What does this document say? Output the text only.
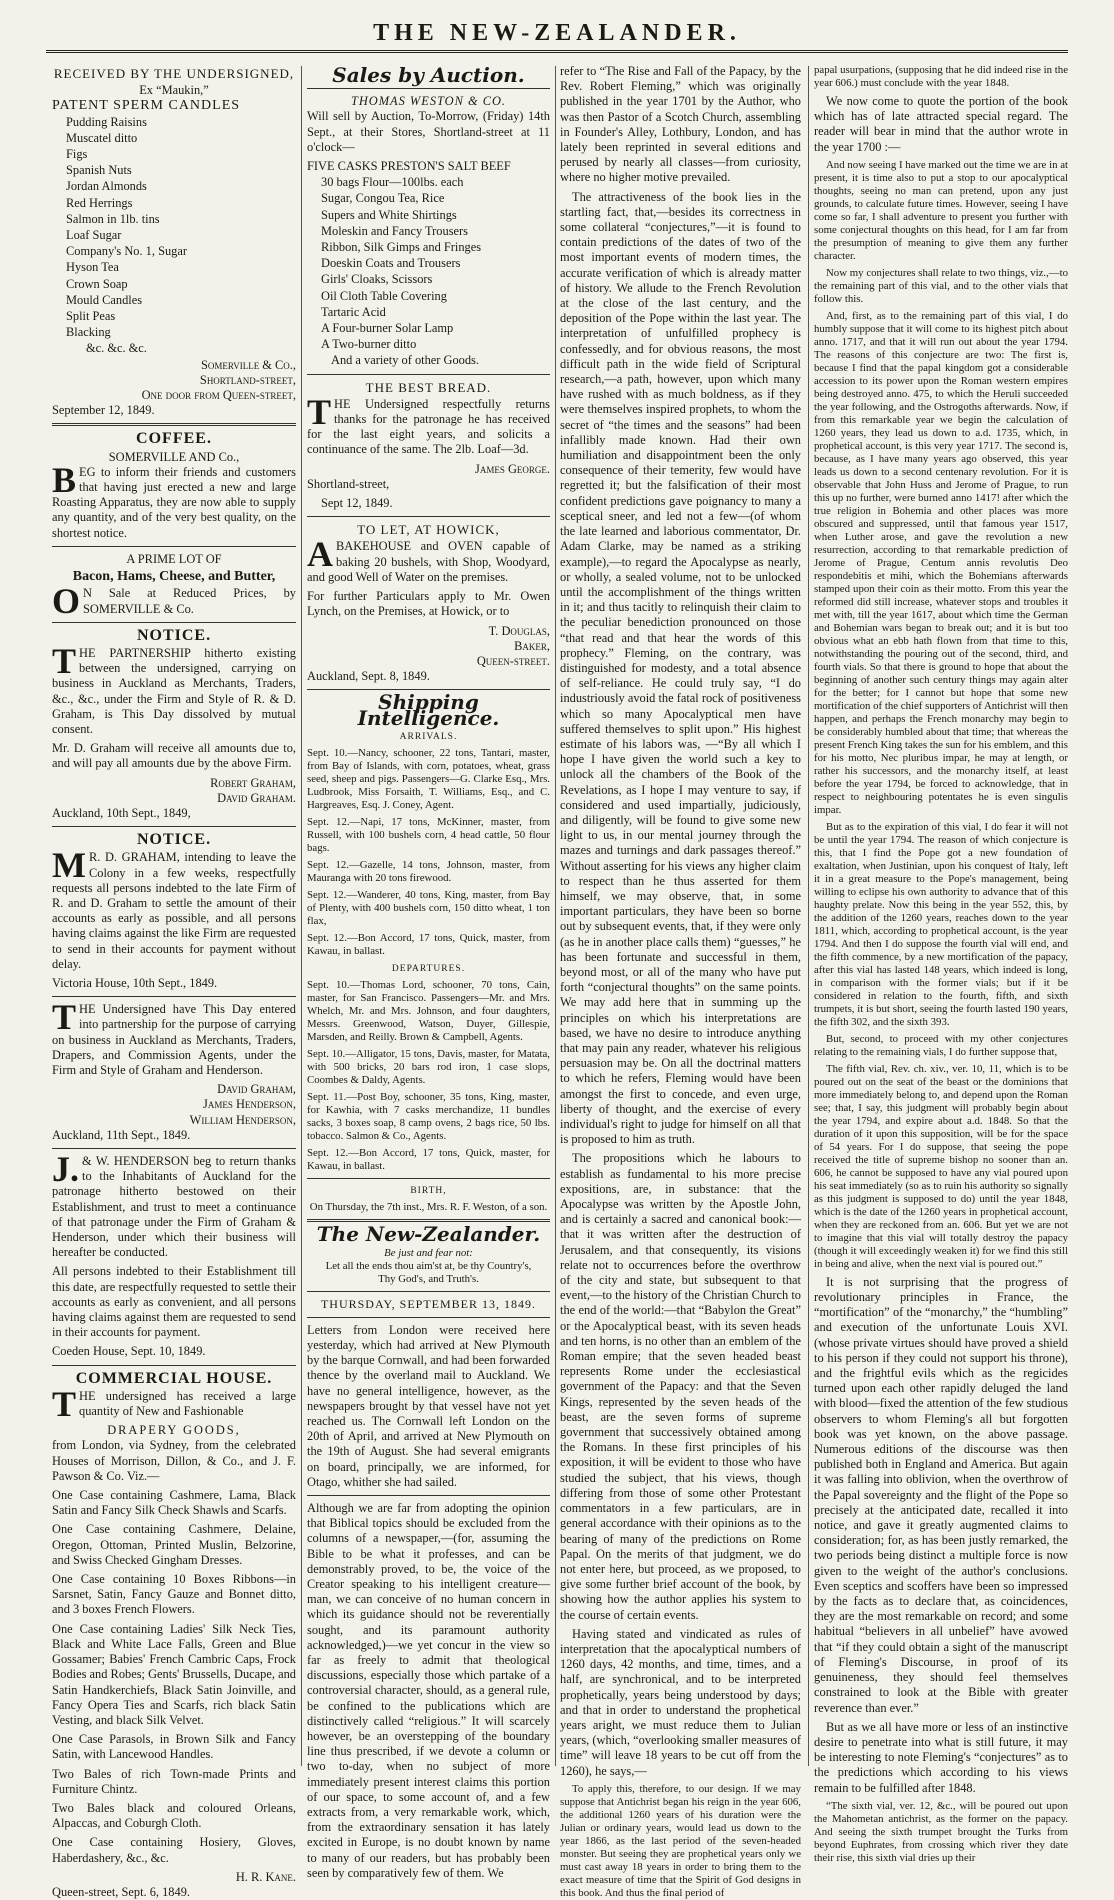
THE NEW-ZEALANDER.
RECEIVED BY THE UNDERSIGNED,
Ex “Maukin,”

PATENT SPERM CANDLES

Pudding Raisins

Muscatel ditto

Figs

Spanish Nuts

Jordan Almonds

Red Herrings

Salmon in 1lb. tins

Loaf Sugar

Company's No. 1, Sugar

Hyson Tea

Crown Soap

Mould Candles

Split Peas

Blacking

&c. &c. &c.

Somerville & Co.,

Shortland-street,

One door from Queen-street,

September 12, 1849.

COFFEE.
SOMERVILLE AND Co.,

BEG to inform their friends and customers that having just erected a new and large Roasting Apparatus, they are now able to supply any quantity, and of the very best quality, on the shortest notice.

A PRIME LOT OF
Bacon, Hams, Cheese, and Butter,

ON Sale at Reduced Prices, by SOMERVILLE & Co.

NOTICE.

THE PARTNERSHIP hitherto existing between the undersigned, carrying on business in Auckland as Merchants, Traders, &c., &c., under the Firm and Style of R. & D. Graham, is This Day dissolved by mutual consent.

Mr. D. Graham will receive all amounts due to, and will pay all amounts due by the above Firm.

Robert Graham,

David Graham.

Auckland, 10th Sept., 1849,

NOTICE.

MR. D. GRAHAM, intending to leave the Colony in a few weeks, respectfully requests all persons indebted to the late Firm of R. and D. Graham to settle the amount of their accounts as early as possible, and all persons having claims against the like Firm are requested to send in their accounts for payment without delay.

Victoria House, 10th Sept., 1849.

THE Undersigned have This Day entered into partnership for the purpose of carrying on business in Auckland as Merchants, Traders, Drapers, and Commission Agents, under the Firm and Style of Graham and Henderson.

David Graham,

James Henderson,

William Henderson,

Auckland, 11th Sept., 1849.

J.& W. HENDERSON beg to return thanks to the Inhabitants of Auckland for the patronage hitherto bestowed on their Establishment, and trust to meet a continuance of that patronage under the Firm of Graham & Henderson, under which their business will hereafter be conducted.

All persons indebted to their Establishment till this date, are respectfully requested to settle their accounts as early as convenient, and all persons having claims against them are requested to send in their accounts for payment.

Coeden House, Sept. 10, 1849.

COMMERCIAL HOUSE.

THE undersigned has received a large quantity of New and Fashionable

DRAPERY GOODS,

from London, via Sydney, from the celebrated Houses of Morrison, Dillon, & Co., and J. F. Pawson & Co. Viz.—

One Case containing Cashmere, Lama, Black Satin and Fancy Silk Check Shawls and Scarfs.

One Case containing Cashmere, Delaine, Oregon, Ottoman, Printed Muslin, Belzorine, and Swiss Checked Gingham Dresses.

One Case containing 10 Boxes Ribbons—in Sarsnet, Satin, Fancy Gauze and Bonnet ditto, and 3 boxes French Flowers.

One Case containing Ladies' Silk Neck Ties, Black and White Lace Falls, Green and Blue Gossamer; Babies' French Cambric Caps, Frock Bodies and Robes; Gents' Brussells, Ducape, and Satin Handkerchiefs, Black Satin Joinville, and Fancy Opera Ties and Scarfs, rich black Satin Vesting, and black Silk Velvet.

One Case Parasols, in Brown Silk and Fancy Satin, with Lancewood Handles.

Two Bales of rich Town-made Prints and Furniture Chintz.

Two Bales black and coloured Orleans, Alpaccas, and Coburgh Cloth.

One Case containing Hosiery, Gloves, Haberdashery, &c., &c.

H. R. Kane.

Queen-street, Sept. 6, 1849.

Sales by Auction.
THOMAS WESTON & CO.

Will sell by Auction, To-Morrow, (Friday) 14th Sept., at their Stores, Shortland-street at 11 o'clock—

FIVE CASKS PRESTON'S SALT BEEF

30 bags Flour—100lbs. each

Sugar, Congou Tea, Rice

Supers and White Shirtings

Moleskin and Fancy Trousers

Ribbon, Silk Gimps and Fringes

Doeskin Coats and Trousers

Girls' Cloaks, Scissors

Oil Cloth Table Covering

Tartaric Acid

A Four-burner Solar Lamp

A Two-burner ditto

And a variety of other Goods.

THE BEST BREAD.

THE Undersigned respectfully returns thanks for the patronage he has received for the last eight years, and solicits a continuance of the same. The 2lb. Loaf—3d.

James George.

Shortland-street,

Sept 12, 1849.

TO LET, AT HOWICK,

ABAKEHOUSE and OVEN capable of baking 20 bushels, with Shop, Woodyard, and good Well of Water on the premises.

For further Particulars apply to Mr. Owen Lynch, on the Premises, at Howick, or to

T. Douglas,

Baker,

Queen-street.

Auckland, Sept. 8, 1849.

Shipping Intelligence.
ARRIVALS.

Sept. 10.—Nancy, schooner, 22 tons, Tantari, master, from Bay of Islands, with corn, potatoes, wheat, grass seed, sheep and pigs. Passengers—G. Clarke Esq., Mrs. Ludbrook, Miss Forsaith, T. Williams, Esq., and C. Hargreaves, Esq. J. Coney, Agent.

Sept. 12.—Napi, 17 tons, McKinner, master, from Russell, with 100 bushels corn, 4 head cattle, 50 flour bags.

Sept. 12.—Gazelle, 14 tons, Johnson, master, from Maurangа with 20 tons firewood.

Sept. 12.—Wanderer, 40 tons, King, master, from Bay of Plenty, with 400 bushels corn, 150 ditto wheat, 1 ton flax,

Sept. 12.—Bon Accord, 17 tons, Quick, master, from Kawau, in ballast.

DEPARTURES.

Sept. 10.—Thomas Lord, schooner, 70 tons, Cain, master, for San Francisco. Passengers—Mr. and Mrs. Whelch, Mr. and Mrs. Johnson, and four daughters, Messrs. Greenwood, Watson, Duyer, Gillespie, Marsden, and Reilly. Brown & Campbell, Agents.

Sept. 10.—Alligator, 15 tons, Davis, master, for Matata, with 500 bricks, 20 bars rod iron, 1 case slops, Coombes & Daldy, Agents.

Sept. 11.—Post Boy, schooner, 35 tons, King, master, for Kawhia, with 7 casks merchandize, 11 bundles sacks, 3 boxes soap, 8 camp ovens, 2 bags rice, 50 lbs. tobacco. Salmon & Co., Agents.

Sept. 12.—Bon Accord, 17 tons, Quick, master, for Kawau, in ballast.

BIRTH,

On Thursday, the 7th inst., Mrs. R. F. Weston, of a son.

The New-Zealander.
Be just and fear not:
Let all the ends thou aim'st at, be thy Country's,
Thy God's, and Truth's.
THURSDAY, SEPTEMBER 13, 1849.

Letters from London were received here yesterday, which had arrived at New Plymouth by the barque Cornwall, and had been forwarded thence by the overland mail to Auckland. We have no general intelligence, however, as the newspapers brought by that vessel have not yet reached us. The Cornwall left London on the 20th of April, and arrived at New Plymouth on the 19th of August. She had several emigrants on board, principally, we are informed, for Otago, whither she had sailed.

Although we are far from adopting the opinion that Biblical topics should be excluded from the columns of a newspaper,—(for, assuming the Bible to be what it professes, and can be demonstrably proved, to be, the voice of the Creator speaking to his intelligent creature—man, we can conceive of no human concern in which its guidance should not be reverentially sought, and its paramount authority acknowledged,)—we yet concur in the view so far as freely to admit that theological discussions, especially those which partake of a controversial character, should, as a general rule, be confined to the publications which are distinctively called “religious.” It will scarcely however, be an overstepping of the boundary line thus prescribed, if we devote a column or two to-day, when no subject of more immediately present interest claims this portion of our space, to some account of, and a few extracts from, a very remarkable work, which, from the extraordinary sensation it has lately excited in Europe, is no doubt known by name to many of our readers, but has probably been seen by comparatively few of them. We

refer to “The Rise and Fall of the Papacy, by the Rev. Robert Fleming,” which was originally published in the year 1701 by the Author, who was then Pastor of a Scotch Church, assembling in Founder's Alley, Lothbury, London, and has lately been reprinted in several editions and perused by nearly all classes—from curiosity, where no higher motive prevailed.

The attractiveness of the book lies in the startling fact, that,—besides its correctness in some collateral “conjectures,”—it is found to contain predictions of the dates of two of the most important events of modern times, the accurate verification of which is already matter of history. We allude to the French Revolution at the close of the last century, and the deposition of the Pope within the last year. The interpretation of unfulfilled prophecy is confessedly, and for obvious reasons, the most difficult path in the wide field of Scriptural research,—a path, however, upon which many have rushed with as much boldness, as if they were themselves inspired prophets, to whom the secret of “the times and the seasons” had been infallibly made known. Had their own humiliation and disappointment been the only consequence of their temerity, few would have regretted it; but the falsification of their most confident predictions gave poignancy to many a sceptical sneer, and led not a few—(of whom the late learned and laborious commentator, Dr. Adam Clarke, may be named as a striking example),—to regard the Apocalypse as nearly, or wholly, a sealed volume, not to be unlocked until the accomplishment of the things written in it; and thus tacitly to relinquish their claim to the peculiar benediction pronounced on those “that read and that hear the words of this prophecy.” Fleming, on the contrary, was distinguished for modesty, and a total absence of self-reliance. He could truly say, “I do industriously avoid the fatal rock of positiveness which so many Apocalyptical men have suffered themselves to split upon.” His highest estimate of his labors was, —“By all which I hope I have given the world such a key to unlock all the chambers of the Book of the Revelations, as I hope I may venture to say, if considered and used impartially, judiciously, and diligently, will be found to give some new light to us, in our mental journey through the mazes and turnings and dark passages thereof.” Without asserting for his views any higher claim to respect than he thus asserted for them himself, we may observe, that, in some important particulars, they have been so borne out by subsequent events, that, if they were only (as he in another place calls them) “guesses,” he has been fortunate and successful in them, beyond most, or all of the many who have put forth “conjectural thoughts” on the same points. We may add here that in summing up the principles on which his interpretations are based, we have no desire to introduce anything that may pain any reader, whatever his religious persuasion may be. On all the doctrinal matters to which he refers, Fleming would have been amongst the first to concede, and even urge, liberty of thought, and the exercise of every individual's right to judge for himself on all that is proposed to him as truth.

The propositions which he labours to establish as fundamental to his more precise expositions, are, in substance: that the Apocalypse was written by the Apostle John, and is certainly a sacred and canonical book:—that it was written after the destruction of Jerusalem, and that consequently, its visions relate not to occurrences before the overthrow of the city and state, but subsequent to that event,—to the history of the Christian Church to the end of the world:—that “Babylon the Great” or the Apocalyptical beast, with its seven heads and ten horns, is no other than an emblem of the Roman empire; that the seven headed beast represents Rome under the ecclesiastical government of the Papacy: and that the Seven Kings, represented by the seven heads of the beast, are the seven forms of supreme government that successively obtained among the Romans. In these first principles of his exposition, it will be evident to those who have studied the subject, that his views, though differing from those of some other Protestant commentators in a few particulars, are in general accordance with their opinions as to the bearing of many of the predictions on Rome Papal. On the merits of that judgment, we do not enter here, but proceed, as we proposed, to give some further brief account of the book, by showing how the author applies his system to the course of certain events.

Having stated and vindicated as rules of interpretation that the apocalyptical numbers of 1260 days, 42 months, and time, times, and a half, are synchronical, and to be interpreted prophetically, years being understood by days; and that in order to understand the prophetical years aright, we must reduce them to Julian years, (which, “overlooking smaller measures of time” will leave 18 years to be cut off from the 1260), he says,—

To apply this, therefore, to our design. If we may suppose that Antichrist began his reign in the year 606, the additional 1260 years of his duration were the Julian or ordinary years, would lead us down to the year 1866, as the last period of the seven-headed monster. But seeing they are prophetical years only we must cast away 18 years in order to bring them to the exact measure of time that the Spirit of God designs in this book. And thus the final period of

papal usurpations, (supposing that he did indeed rise in the year 606.) must conclude with the year 1848.

We now come to quote the portion of the book which has of late attracted special regard. The reader will bear in mind that the author wrote in the year 1700 :—

And now seeing I have marked out the time we are in at present, it is time also to put a stop to our apocalyptical thoughts, seeing no man can pretend, upon any just grounds, to calculate future times. However, seeing I have come so far, I shall adventure to present you further with some conjectural thoughts on this head, for I am far from the presumption of meaning to give them any further character.

Now my conjectures shall relate to two things, viz.,—to the remaining part of this vial, and to the other vials that follow this.

And, first, as to the remaining part of this vial, I do humbly suppose that it will come to its highest pitch about anno. 1717, and that it will run out about the year 1794. The reasons of this conjecture are two: The first is, because I find that the papal kingdom got a considerable accession to its power upon the Roman western empires being destroyed anno. 475, to which the Heruli succeeded the year following, and the Ostrogoths afterwards. Now, if from this remarkable year we begin the calculation of 1260 years, they lead us down to a.d. 1735, which, in prophetical account, is this very year 1717. The second is, because, as I have many years ago observed, this year leads us down to a second centenary revolution. For it is observable that John Huss and Jerome of Prague, to run this up no further, were burned anno 1417! after which the true religion in Bohemia and other places was more obscured and suppressed, until that famous year 1517, when Luther arose, and gave the revolution a new resurrection, according to that remarkable prediction of Jerome of Prague, Centum annis revolutis Deo respondebitis et mihi, which the Bohemians afterwards stamped upon their coin as their motto. From this year the reformed did still increase, whatever stops and troubles it met with, till the year 1617, about which time the German and Bohemian wars began to break out; and it is but too obvious what an ebb hath flown from that time to this, notwithstanding the pouring out of the second, third, and fourth vials. So that there is ground to hope that about the beginning of another such century things may again alter for the better; for I cannot but hope that some new mortification of the chief supporters of Antichrist will then happen, and perhaps the French monarchy may begin to be considerably humbled about that time; that whereas the present French King takes the sun for his emblem, and this for his motto, Nec pluribus impar, he may at length, or rather his successors, and the monarchy itself, at least before the year 1794, be forced to acknowledge, that in respect to neighbouring potentates he is even singulis impar.

But as to the expiration of this vial, I do fear it will not be until the year 1794. The reason of which conjecture is this, that I find the Pope got a new foundation of exaltation, when Justinian, upon his conquest of Italy, left it in a great measure to the Pope's management, being willing to eclipse his own authority to advance that of this haughty prelate. Now this being in the year 552, this, by the addition of the 1260 years, reaches down to the year 1811, which, according to prophetical account, is the year 1794. And then I do suppose the fourth vial will end, and the fifth commence, by a new mortification of the papacy, after this vial has lasted 148 years, which indeed is long, in comparison with the former vials; but if it be considered in relation to the fourth, fifth, and sixth trumpets, it is but short, seeing the fourth lasted 190 years, the fifth 302, and the sixth 393.

But, second, to proceed with my other conjectures relating to the remaining vials, I do further suppose that,

The fifth vial, Rev. ch. xiv., ver. 10, 11, which is to be poured out on the seat of the beast or the dominions that more immediately belong to, and depend upon the Roman see; that, I say, this judgment will probably begin about the year 1794, and expire about a.d. 1848. So that the duration of it upon this supposition, will be for the space of 54 years. For I do suppose, that seeing the pope received the title of supreme bishop no sooner than an. 606, he cannot be supposed to have any vial poured upon his seat immediately (so as to ruin his authority so signally as this judgment is supposed to do) until the year 1848, which is the date of the 1260 years in prophetical account, when they are reckoned from an. 606. But yet we are not to imagine that this vial will totally destroy the papacy (though it will exceedingly weaken it) for we find this still in being and alive, when the next vial is poured out.”

It is not surprising that the progress of revolutionary principles in France, the “mortification” of the “monarchy,” the “humbling” and execution of the unfortunate Louis XVI. (whose private virtues should have proved a shield to his person if they could not support his throne), and the frightful evils which as the regicides turned upon each other rapidly deluged the land with blood—fixed the attention of the few studious observers to whom Fleming's all but forgotten book was yet known, on the above passage. Numerous editions of the discourse was then published both in England and America. But again it was falling into oblivion, when the overthrow of the Papal sovereignty and the flight of the Pope so precisely at the anticipated date, recalled it into notice, and gave it greatly augmented claims to consideration; for, as has been justly remarked, the two periods being distinct a multiple force is now given to the weight of the author's conclusions. Even sceptics and scoffers have been so impressed by the facts as to declare that, as coincidences, they are the most remarkable on record; and some habitual “believers in all unbelief” have avowed that “if they could obtain a sight of the manuscript of Fleming's Discourse, in proof of its genuineness, they should feel themselves constrained to look at the Bible with greater reverence than ever.”

But as we all have more or less of an instinctive desire to penetrate into what is still future, it may be interesting to note Fleming's “conjectures” as to the predictions which according to his views remain to be fulfilled after 1848.

“The sixth vial, ver. 12, &c., will be poured out upon the Mahometan antichrist, as the former on the papacy. And seeing the sixth trumpet brought the Turks from beyond Euphrates, from crossing which river they date their rise, this sixth vial dries up their
